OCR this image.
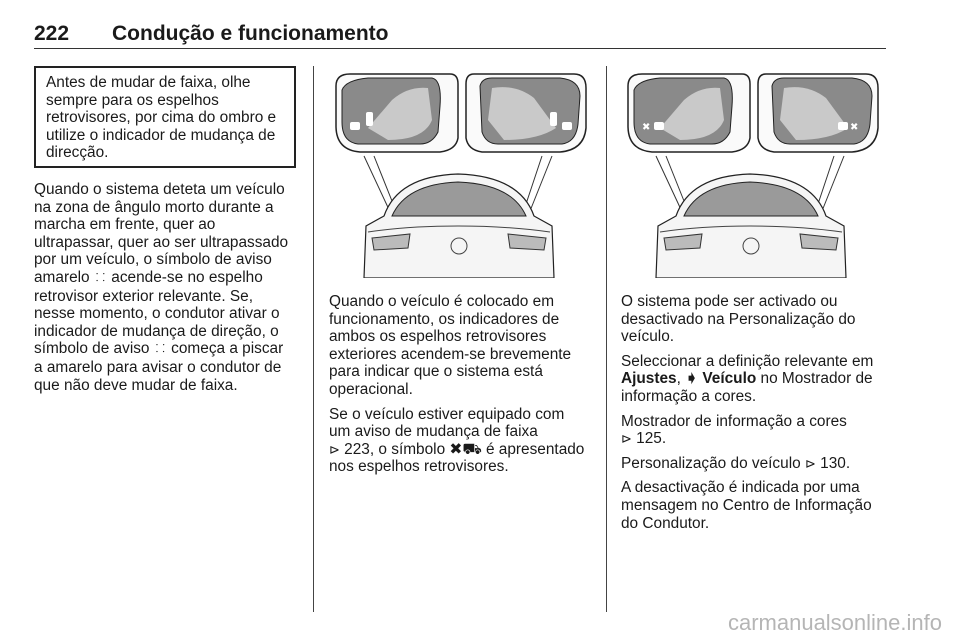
222 Condução e funcionamento

Antes de mudar de faixa, olhe
sempre para os espelhos
retrovisores, por cima do ombro e
utilize o indicador de mudança de
direcção.

Quando o sistema deteta um veículo
na zona de ângulo morto durante a
marcha em frente, quer ao
ultrapassar, quer ao ser ultrapassado
por um veículo, o símbolo de aviso
amarelo ⸬ acende-se no espelho
retrovisor exterior relevante. Se,
nesse momento, o condutor ativar o
indicador de mudança de direção, o
símbolo de aviso ⸬ começa a piscar
a amarelo para avisar o condutor de
que não deve mudar de faixa.

Quando o veículo é colocado em
funcionamento, os indicadores de
ambos os espelhos retrovisores
exteriores acendem-se brevemente
para indicar que o sistema está
operacional.

Se o veículo estiver equipado com
um aviso de mudança de faixa
⊳ 223, o símbolo ✖⛟ é apresentado
nos espelhos retrovisores.

✖	✖

O sistema pode ser activado ou
desactivado na Personalização do
veículo.

Seleccionar a definição relevante em
Ajustes, ➧ Veículo no Mostrador de
informação a cores.

Mostrador de informação a cores
⊳ 125.

Personalização do veículo ⊳ 130.

A desactivação é indicada por uma
mensagem no Centro de Informação
do Condutor.

carmanualsonline.info
